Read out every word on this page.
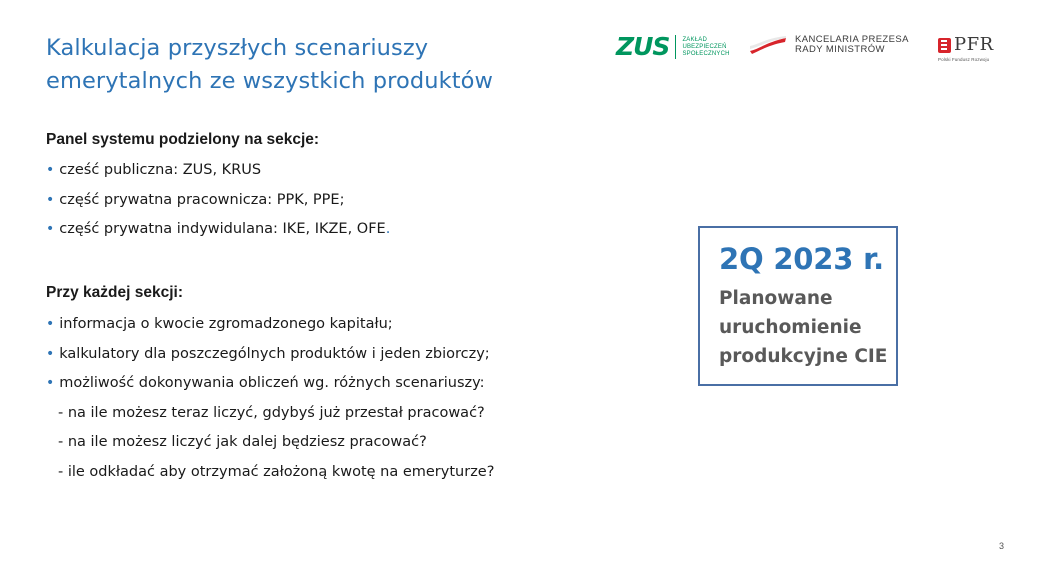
Kalkulacja przyszłych scenariuszy
emerytalnych ze wszystkich produktów
ZUS ZAKŁAD
UBEZPIECZEŃ
SPOŁECZNYCH
KANCELARIA PREZESA
RADY MINISTRÓW	PFR
Polski Fundusz Rozwoju

Panel systemu podzielony na sekcje:

• cześć publiczna: ZUS, KRUS
• część prywatna pracownicza: PPK, PPE;
• część prywatna indywidulana: IKE, IKZE, OFE.

Przy każdej sekcji:

• informacja o kwocie zgromadzonego kapitału;
• kalkulatory dla poszczególnych produktów i jeden zbiorczy;
• możliwość dokonywania obliczeń wg. różnych scenariuszy:
- na ile możesz teraz liczyć, gdybyś już przestał pracować?
- na ile możesz liczyć jak dalej będziesz pracować?
- ile odkładać aby otrzymać założoną kwotę na emeryturze?

2Q 2023 r.

Planowane
uruchomienie
produkcyjne CIE
3
